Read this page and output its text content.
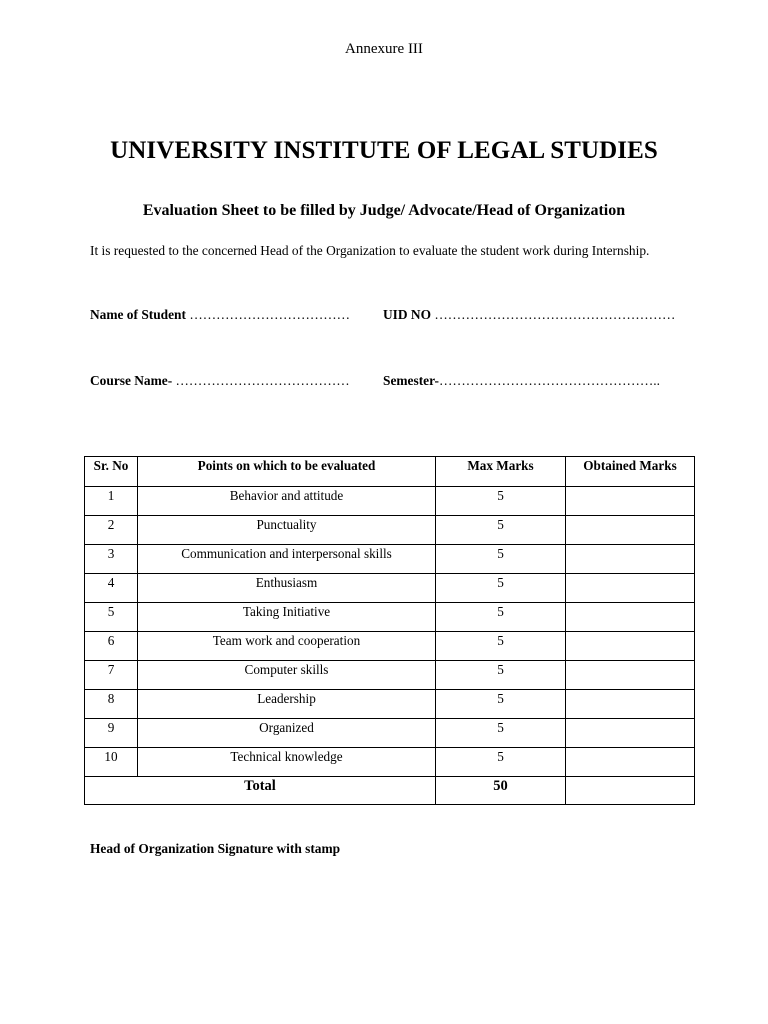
Annexure III
UNIVERSITY INSTITUTE OF LEGAL STUDIES
Evaluation Sheet to be filled by Judge/ Advocate/Head of Organization
It is requested to the concerned Head of the Organization to evaluate the student work during Internship.
Name of Student ……………………………… UID NO ………………………………………………
Course Name- ………………………………… Semester-…………………………………………..
Sr. No	Points on which to be evaluated	Max Marks	Obtained Marks
1	Behavior and attitude	5	
2	Punctuality	5	
3	Communication and interpersonal skills	5	
4	Enthusiasm	5	
5	Taking Initiative	5	
6	Team work and cooperation	5	
7	Computer skills	5	
8	Leadership	5	
9	Organized	5	
10	Technical knowledge	5	
Total		50	
Head of Organization Signature with stamp
